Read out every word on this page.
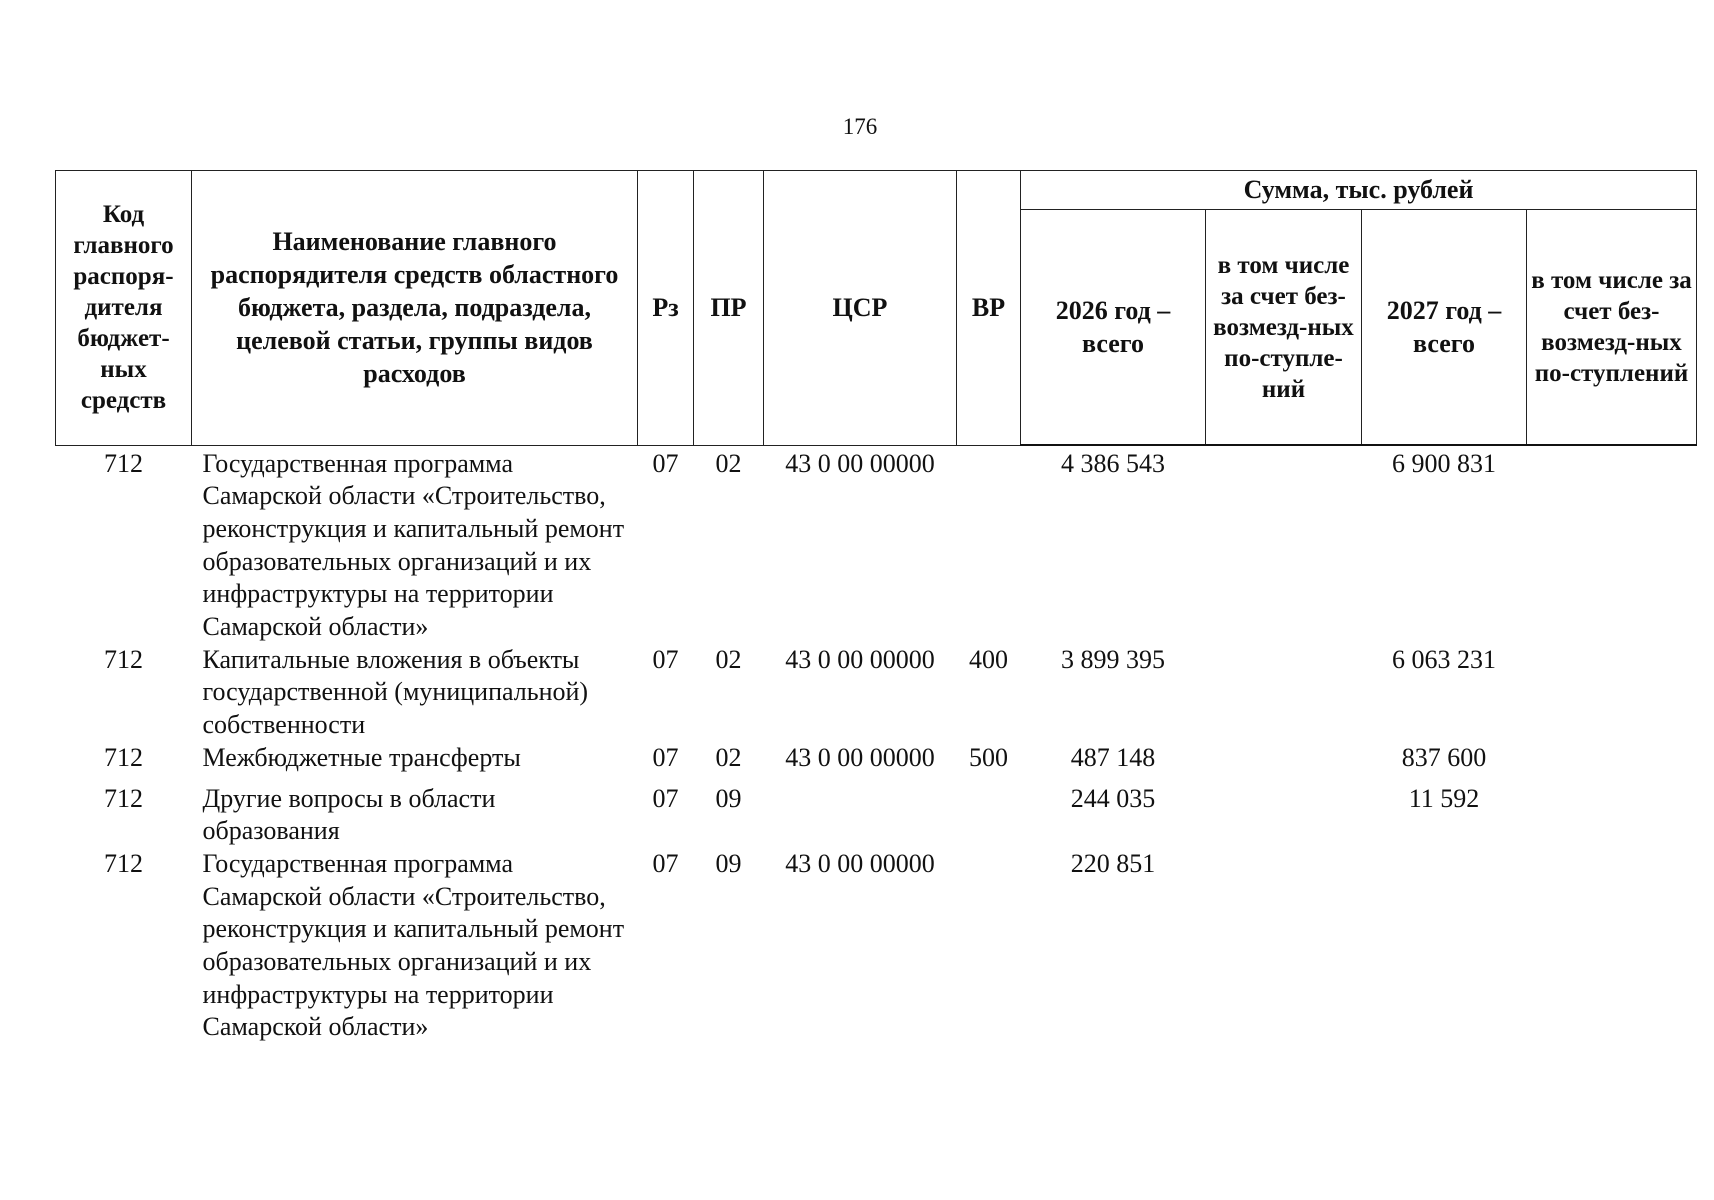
176
Код главного распоря-дителя бюджет-ных средств	Наименование главного распорядителя средств областного бюджета, раздела, подраздела, целевой статьи, группы видов расходов	Рз	ПР	ЦСР	ВР	Сумма, тыс. рублей			
						2026 год – всего	в том числе за счет без-возмезд-ных по-ступле-ний	2027 год – всего	в том числе за счет без-возмезд-ных по-ступлений
712	Государственная программа Самарской области «Строительство, реконструкция и капитальный ремонт образовательных организаций и их инфраструктуры на территории Самарской области»	07	02	43 0 00 00000		4 386 543		6 900 831	
712	Капитальные вложения в объекты государственной (муниципальной) собственности	07	02	43 0 00 00000	400	3 899 395		6 063 231	
712	Межбюджетные трансферты	07	02	43 0 00 00000	500	487 148		837 600	
712	Другие вопросы в области образования	07	09			244 035		11 592	
712	Государственная программа Самарской области «Строительство, реконструкция и капитальный ремонт образовательных организаций и их инфраструктуры на территории Самарской области»	07	09	43 0 00 00000		220 851			
